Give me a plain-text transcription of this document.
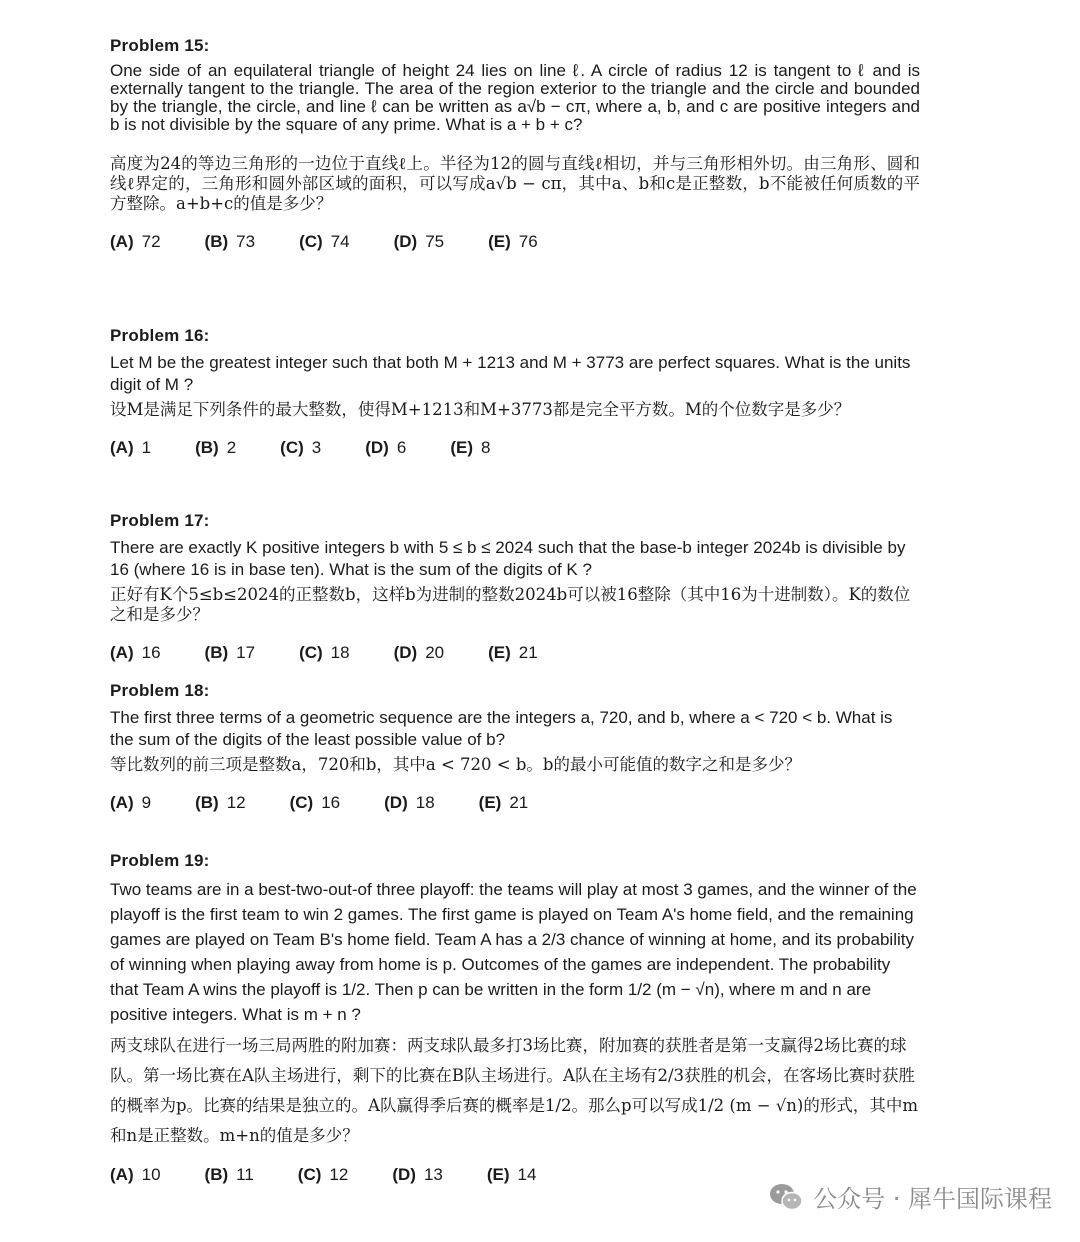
Problem 15:
One side of an equilateral triangle of height 24 lies on line ℓ. A circle of radius 12 is tangent to ℓ and is externally tangent to the triangle. The area of the region exterior to the triangle and the circle and bounded by the triangle, the circle, and line ℓ can be written as a√b − cπ, where a, b, and c are positive integers and b is not divisible by the square of any prime. What is a + b + c?
高度为24的等边三角形的一边位于直线ℓ上。半径为12的圆与直线ℓ相切，并与三角形相外切。由三角形、圆和线ℓ界定的，三角形和圆外部区域的面积，可以写成a√b − cπ，其中a、b和c是正整数，b不能被任何质数的平方整除。a+b+c的值是多少？
(A) 72	(B) 73	(C) 74	(D) 75	(E) 76
Problem 16:
Let M be the greatest integer such that both M + 1213 and M + 3773 are perfect squares. What is the units digit of M ?
设M是满足下列条件的最大整数，使得M+1213和M+3773都是完全平方数。M的个位数字是多少？
(A) 1	(B) 2	(C) 3	(D) 6	(E) 8
Problem 17:
There are exactly K positive integers b with 5 ≤ b ≤ 2024 such that the base-b integer 2024b is divisible by 16 (where 16 is in base ten). What is the sum of the digits of K ?
正好有K个5≤b≤2024的正整数b，这样b为进制的整数2024b可以被16整除（其中16为十进制数）。K的数位之和是多少？
(A) 16	(B) 17	(C) 18	(D) 20	(E) 21
Problem 18:
The first three terms of a geometric sequence are the integers a, 720, and b, where a < 720 < b. What is the sum of the digits of the least possible value of b?
等比数列的前三项是整数a，720和b，其中a < 720 < b。b的最小可能值的数字之和是多少？
(A) 9	(B) 12	(C) 16	(D) 18	(E) 21
Problem 19:
Two teams are in a best-two-out-of three playoff: the teams will play at most 3 games, and the winner of the playoff is the first team to win 2 games. The first game is played on Team A's home field, and the remaining games are played on Team B's home field. Team A has a 2/3 chance of winning at home, and its probability of winning when playing away from home is p. Outcomes of the games are independent. The probability that Team A wins the playoff is 1/2. Then p can be written in the form 1/2 (m − √n), where m and n are positive integers. What is m + n ?
两支球队在进行一场三局两胜的附加赛：两支球队最多打3场比赛，附加赛的获胜者是第一支赢得2场比赛的球队。第一场比赛在A队主场进行，剩下的比赛在B队主场进行。A队在主场有2/3获胜的机会，在客场比赛时获胜的概率为p。比赛的结果是独立的。A队赢得季后赛的概率是1/2。那么p可以写成1/2 (m − √n)的形式，其中m和n是正整数。m+n的值是多少？
(A) 10	(B) 11	(C) 12	(D) 13	(E) 14
公众号 · 犀牛国际课程
